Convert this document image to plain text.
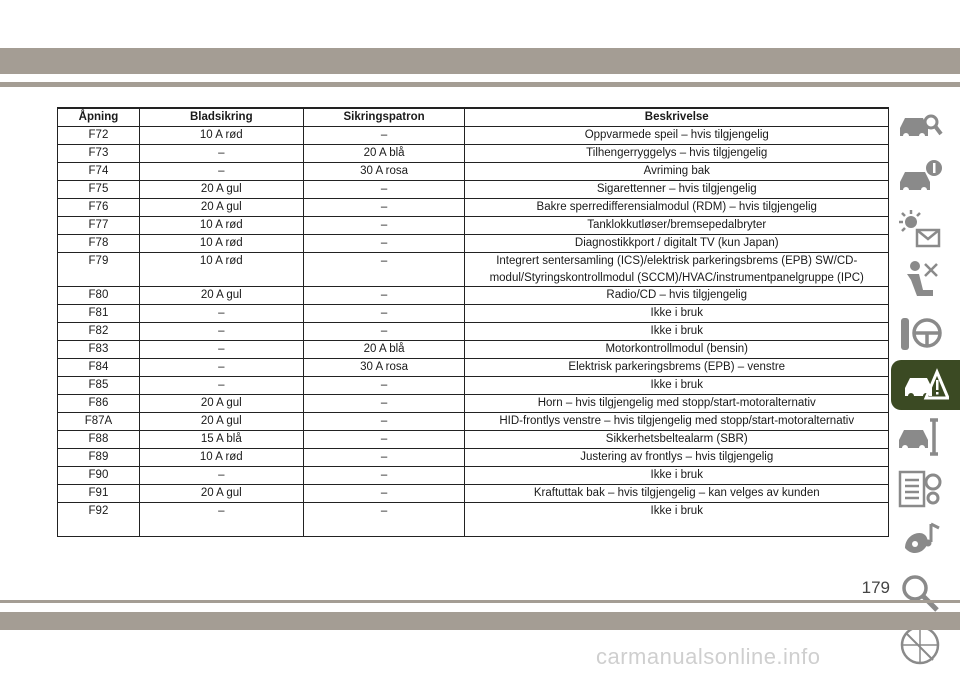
Åpning	Bladsikring	Sikringspatron	Beskrivelse
F72	10 A rød	–	Oppvarmede speil – hvis tilgjengelig
F73	–	20 A blå	Tilhengerryggelys – hvis tilgjengelig
F74	–	30 A rosa	Avriming bak
F75	20 A gul	–	Sigarettenner – hvis tilgjengelig
F76	20 A gul	–	Bakre sperredifferensialmodul (RDM) – hvis tilgjengelig
F77	10 A rød	–	Tanklokkutløser/bremsepedalbryter
F78	10 A rød	–	Diagnostikkport / digitalt TV (kun Japan)
F79	10 A rød	–	Integrert sentersamling (ICS)/elektrisk parkeringsbrems (EPB) SW/CD-modul/Styringskontrollmodul (SCCM)/HVAC/instrumentpanelgruppe (IPC)
F80	20 A gul	–	Radio/CD – hvis tilgjengelig
F81	–	–	Ikke i bruk
F82	–	–	Ikke i bruk
F83	–	20 A blå	Motorkontrollmodul (bensin)
F84	–	30 A rosa	Elektrisk parkeringsbrems (EPB) – venstre
F85	–	–	Ikke i bruk
F86	20 A gul	–	Horn – hvis tilgjengelig med stopp/start-motoralternativ
F87A	20 A gul	–	HID-frontlys venstre – hvis tilgjengelig med stopp/start-motoralternativ
F88	15 A blå	–	Sikkerhetsbeltealarm (SBR)
F89	10 A rød	–	Justering av frontlys – hvis tilgjengelig
F90	–	–	Ikke i bruk
F91	20 A gul	–	Kraftuttak bak – hvis tilgjengelig – kan velges av kunden
F92	–	–	Ikke i bruk
179
carmanualsonline.info
